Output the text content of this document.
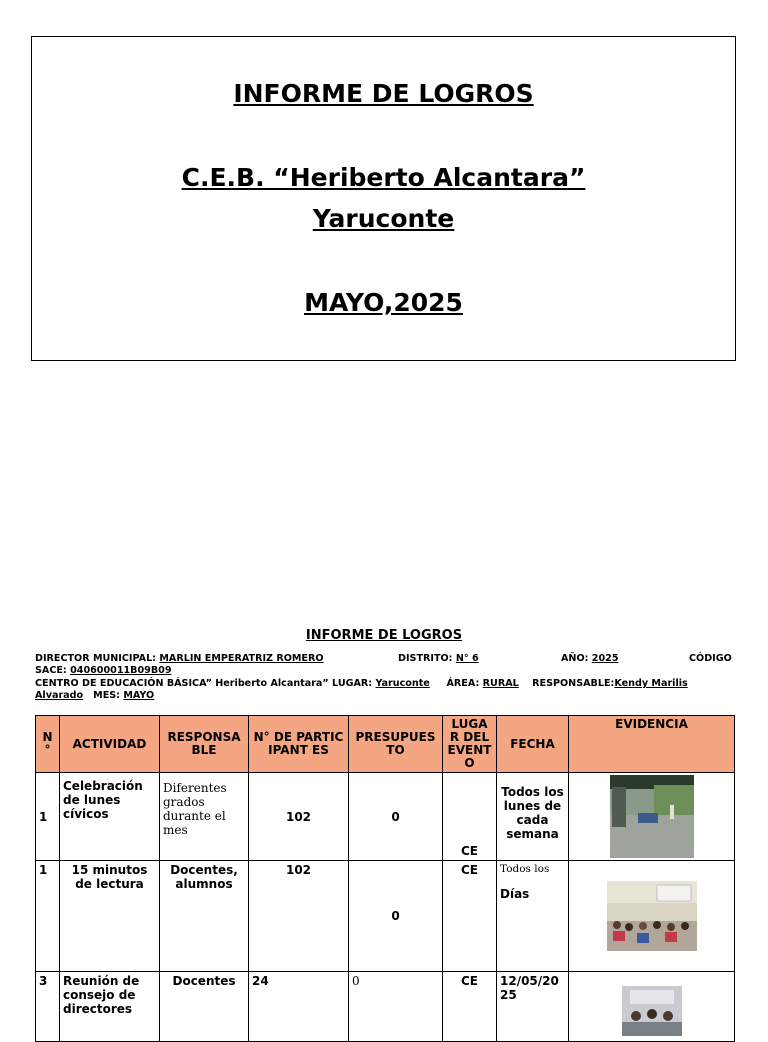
INFORME DE LOGROS
C.E.B. “Heriberto Alcantara”
Yaruconte
MAYO,2025
INFORME DE LOGROS
DIRECTOR MUNICIPAL: MARLIN EMPERATRIZ ROMERO	DISTRITO: N° 6	AÑO: 2025	CÓDIGO
SACE: 040600011B09B09
CENTRO DE EDUCACIÓN BÁSICA” Heriberto Alcantara” LUGAR: Yaruconte ÁREA: RURAL RESPONSABLE:Kendy Marilis
Alvarado MES: MAYO
N °	ACTIVIDAD	RESPONSA BLE	N° DE PARTICIPANT ES	PRESUPUES TO	LUGA R DEL EVENT O	FECHA	EVIDENCIA
1	Celebración de lunes cívicos	Diferentes grados durante el mes	102	0	CE	Todos los lunes de cada semana	

1	15 minutos de lectura	Docentes, alumnos	102	0	CE	Todos los
Días

3	Reunión de consejo de directores	Docentes	24	0	CE	12/05/2025	
